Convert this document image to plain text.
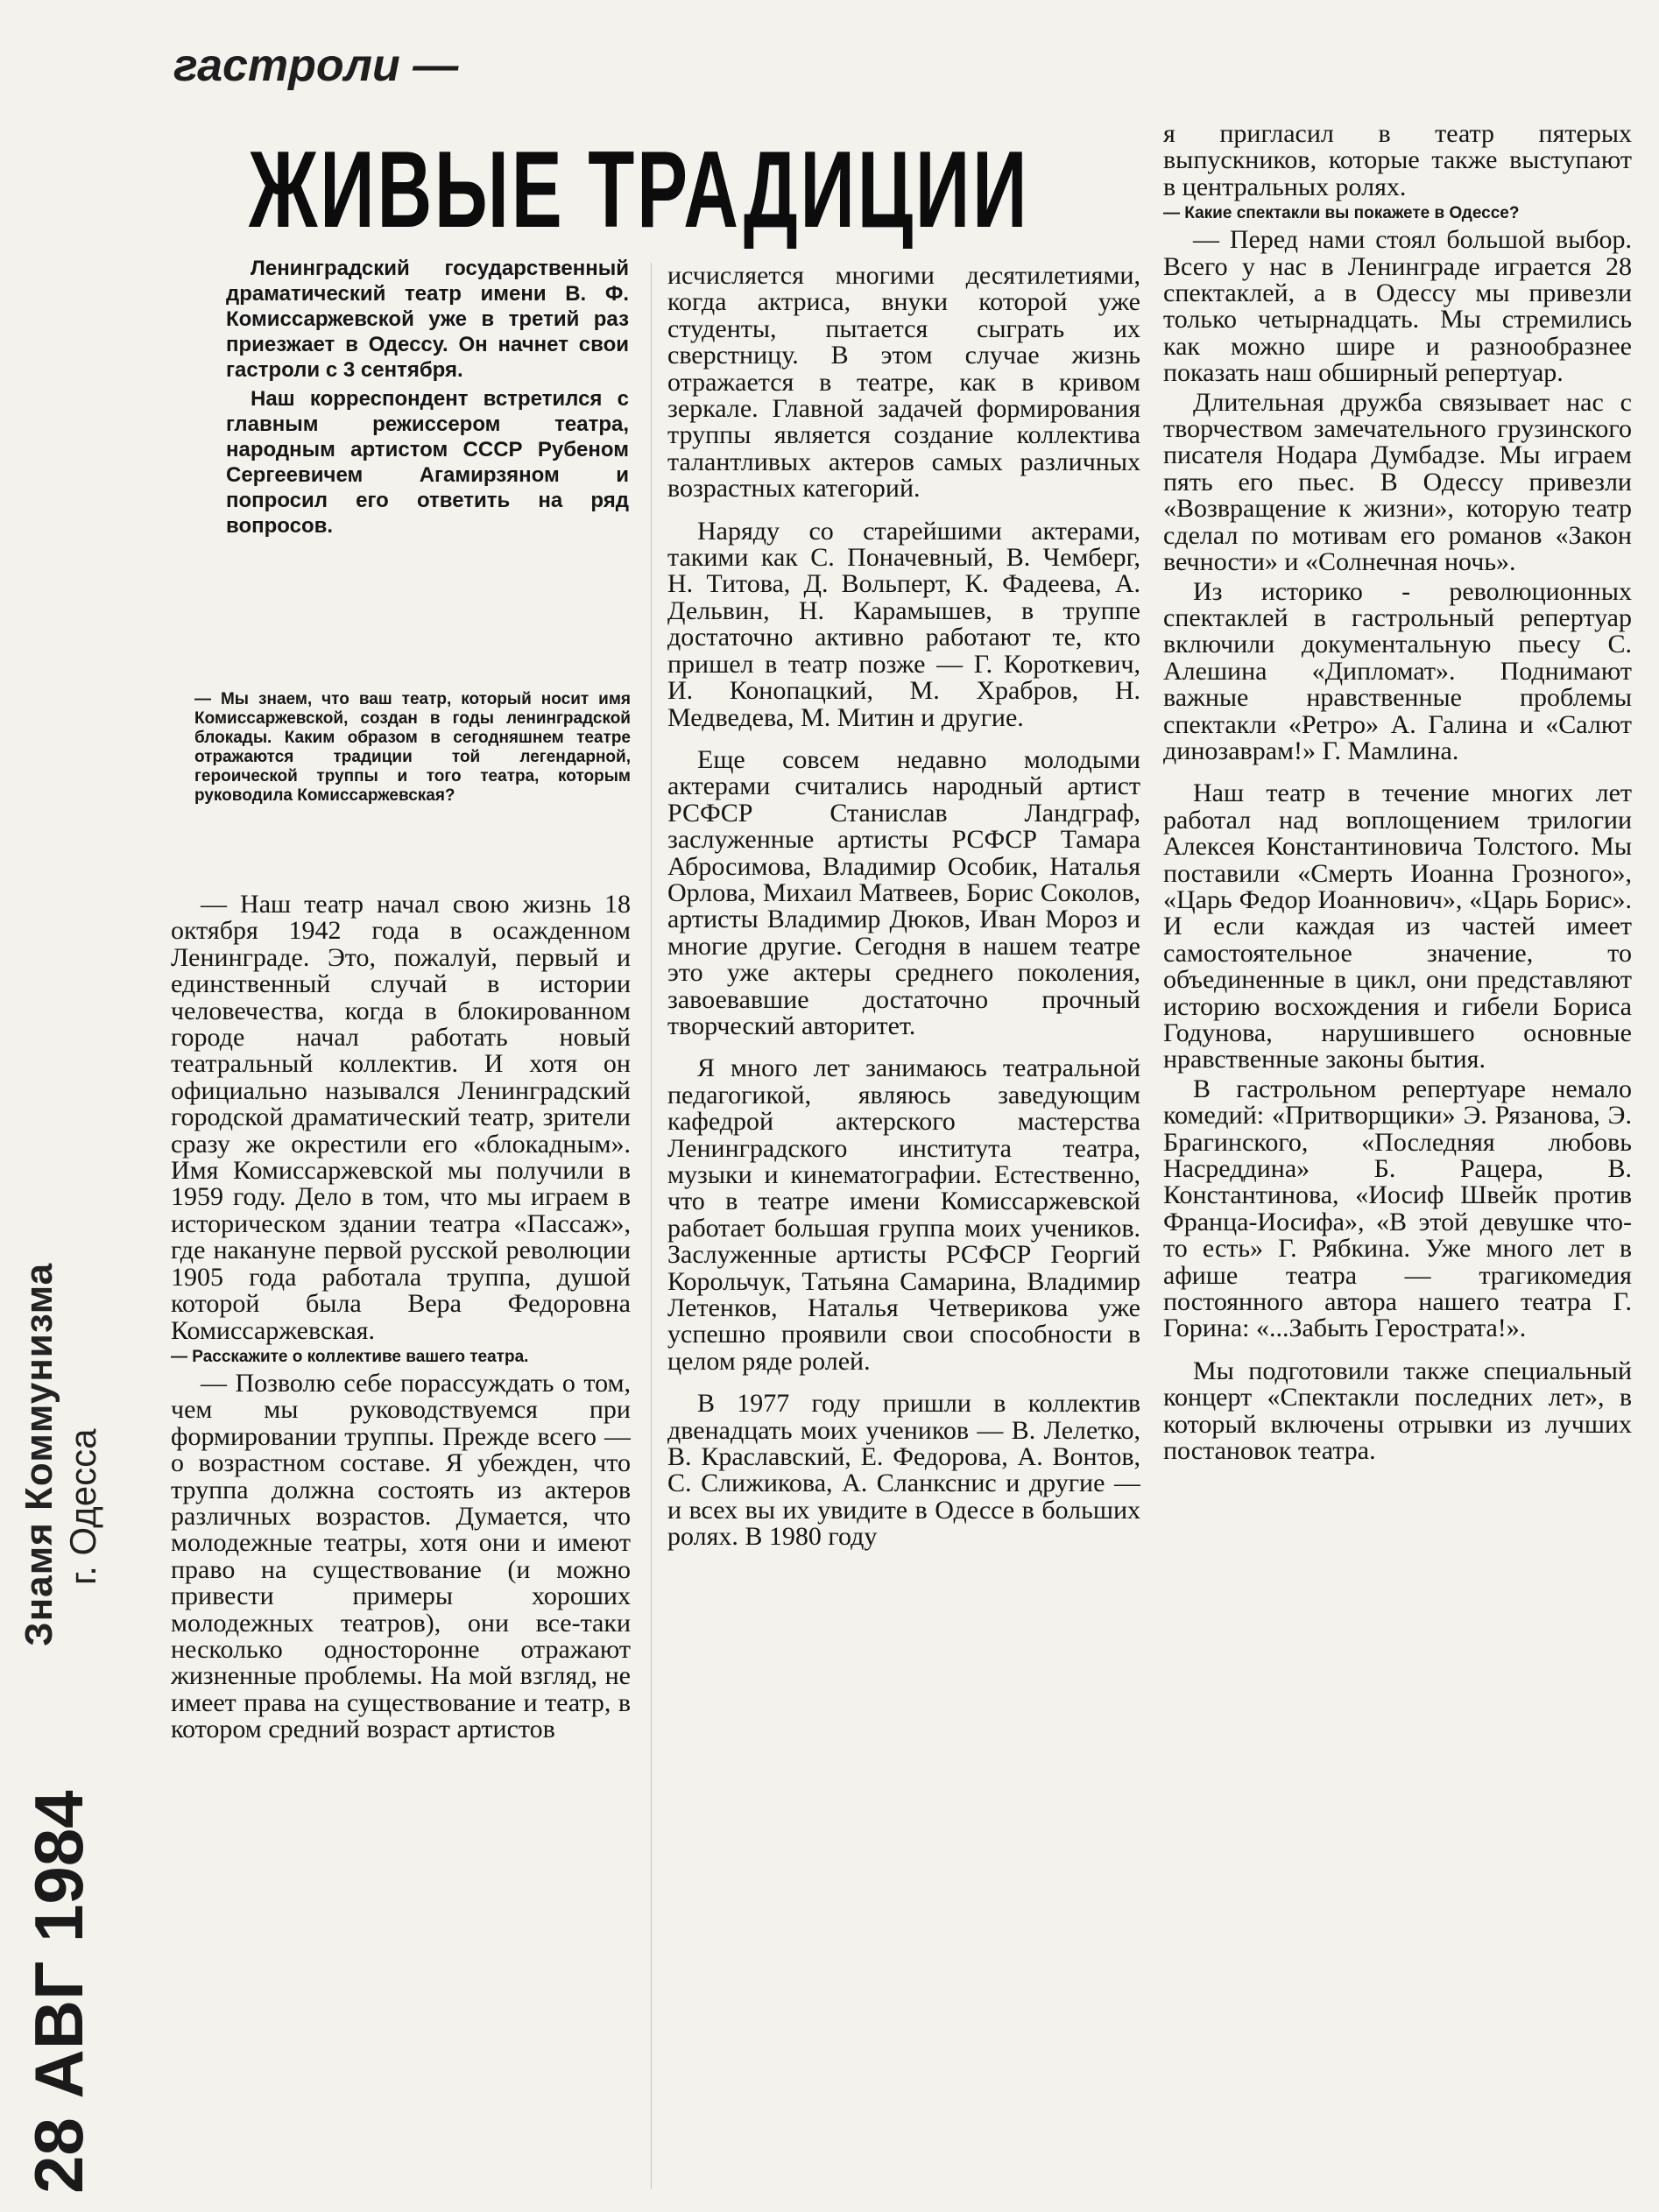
гастроли —
ЖИВЫЕ ТРАДИЦИИ
Знамя Коммунизма г. Одесса
28 АВГ 1984

Ленинградский государственный драматический театр имени В. Ф. Комиссаржевской уже в третий раз приезжает в Одессу. Он начнет свои гастроли с 3 сентября.

Наш корреспондент встретился с главным режиссером театра, народным артистом СССР Рубеном Сергеевичем Агамирзяном и попросил его ответить на ряд вопросов.

— Мы знаем, что ваш театр, который носит имя Комиссаржевской, создан в годы ленинградской блокады. Каким образом в сегодняшнем театре отражаются традиции той легендарной, героической труппы и того театра, которым руководила Комиссаржевская?

— Наш театр начал свою жизнь 18 октября 1942 года в осажденном Ленинграде. Это, пожалуй, первый и единственный случай в истории человечества, когда в блокированном городе начал работать новый театральный коллектив. И хотя он официально назывался Ленинградский городской драматический театр, зрители сразу же окрестили его «блокадным». Имя Комиссаржевской мы получили в 1959 году. Дело в том, что мы играем в историческом здании театра «Пассаж», где накануне первой русской революции 1905 года работала труппа, душой которой была Вера Федоровна Комиссаржевская.

— Расскажите о коллективе вашего театра.

— Позволю себе порассуждать о том, чем мы руководствуемся при формировании труппы. Прежде всего — о возрастном составе. Я убежден, что труппа должна состоять из актеров различных возрастов. Думается, что молодежные театры, хотя они и имеют право на существование (и можно привести примеры хороших молодежных театров), они все-таки несколько односторонне отражают жизненные проблемы. На мой взгляд, не имеет права на существование и театр, в котором средний возраст артистов

исчисляется многими десятилетиями, когда актриса, внуки которой уже студенты, пытается сыграть их сверстницу. В этом случае жизнь отражается в театре, как в кривом зеркале. Главной задачей формирования труппы является создание коллектива талантливых актеров самых различных возрастных категорий.

Наряду со старейшими актерами, такими как С. Поначевный, В. Чемберг, Н. Титова, Д. Вольперт, К. Фадеева, А. Дельвин, Н. Карамышев, в труппе достаточно активно работают те, кто пришел в театр позже — Г. Короткевич, И. Конопацкий, М. Храбров, Н. Медведева, М. Митин и другие.

Еще совсем недавно молодыми актерами считались народный артист РСФСР Станислав Ландграф, заслуженные артисты РСФСР Тамара Абросимова, Владимир Особик, Наталья Орлова, Михаил Матвеев, Борис Соколов, артисты Владимир Дюков, Иван Мороз и многие другие. Сегодня в нашем театре это уже актеры среднего поколения, завоевавшие достаточно прочный творческий авторитет.

Я много лет занимаюсь театральной педагогикой, являюсь заведующим кафедрой актерского мастерства Ленинградского института театра, музыки и кинематографии. Естественно, что в театре имени Комиссаржевской работает большая группа моих учеников. Заслуженные артисты РСФСР Георгий Корольчук, Татьяна Самарина, Владимир Летенков, Наталья Четверикова уже успешно проявили свои способности в целом ряде ролей.

В 1977 году пришли в коллектив двенадцать моих учеников — В. Лелетко, В. Краславский, Е. Федорова, А. Вонтов, С. Слижикова, А. Сланкснис и другие — и всех вы их увидите в Одессе в больших ролях. В 1980 году

я пригласил в театр пятерых выпускников, которые также выступают в центральных ролях.

— Какие спектакли вы покажете в Одессе?

— Перед нами стоял большой выбор. Всего у нас в Ленинграде играется 28 спектаклей, а в Одессу мы привезли только четырнадцать. Мы стремились как можно шире и разнообразнее показать наш обширный репертуар.

Длительная дружба связывает нас с творчеством замечательного грузинского писателя Нодара Думбадзе. Мы играем пять его пьес. В Одессу привезли «Возвращение к жизни», которую театр сделал по мотивам его романов «Закон вечности» и «Солнечная ночь».

Из историко - революционных спектаклей в гастрольный репертуар включили документальную пьесу С. Алешина «Дипломат». Поднимают важные нравственные проблемы спектакли «Ретро» А. Галина и «Салют динозаврам!» Г. Мамлина.

Наш театр в течение многих лет работал над воплощением трилогии Алексея Константиновича Толстого. Мы поставили «Смерть Иоанна Грозного», «Царь Федор Иоаннович», «Царь Борис». И если каждая из частей имеет самостоятельное значение, то объединенные в цикл, они представляют историю восхождения и гибели Бориса Годунова, нарушившего основные нравственные законы бытия.

В гастрольном репертуаре немало комедий: «Притворщики» Э. Рязанова, Э. Брагинского, «Последняя любовь Насреддина» Б. Рацера, В. Константинова, «Иосиф Швейк против Франца-Иосифа», «В этой девушке что-то есть» Г. Рябкина. Уже много лет в афише театра — трагикомедия постоянного автора нашего театра Г. Горина: «...Забыть Герострата!».

Мы подготовили также специальный концерт «Спектакли последних лет», в который включены отрывки из лучших постановок театра.
